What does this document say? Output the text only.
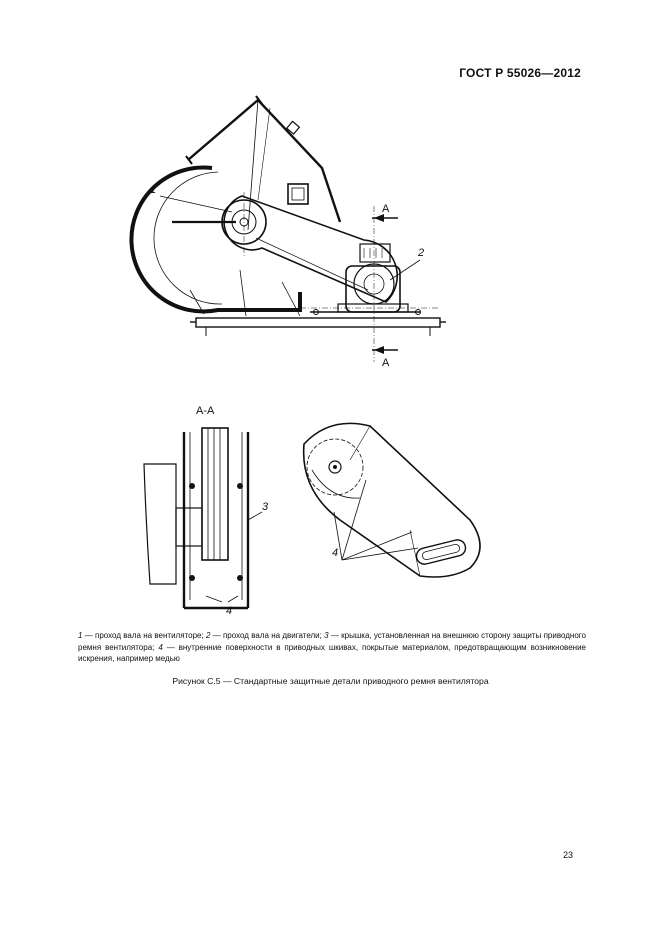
ГОСТ Р 55026—2012
1
2
А
А
А-А
3
4
4
1 — проход вала на вентиляторе; 2 — проход вала на двигатели; 3 — крышка, установленная на внешнюю сторону защиты приводного ремня вентилятора; 4 — внутренние поверхности в приводных шкивах, покрытые материалом, предотвращающим возникновение искрения, например медью
Рисунок С.5 — Стандартные защитные детали приводного ремня вентилятора
23
